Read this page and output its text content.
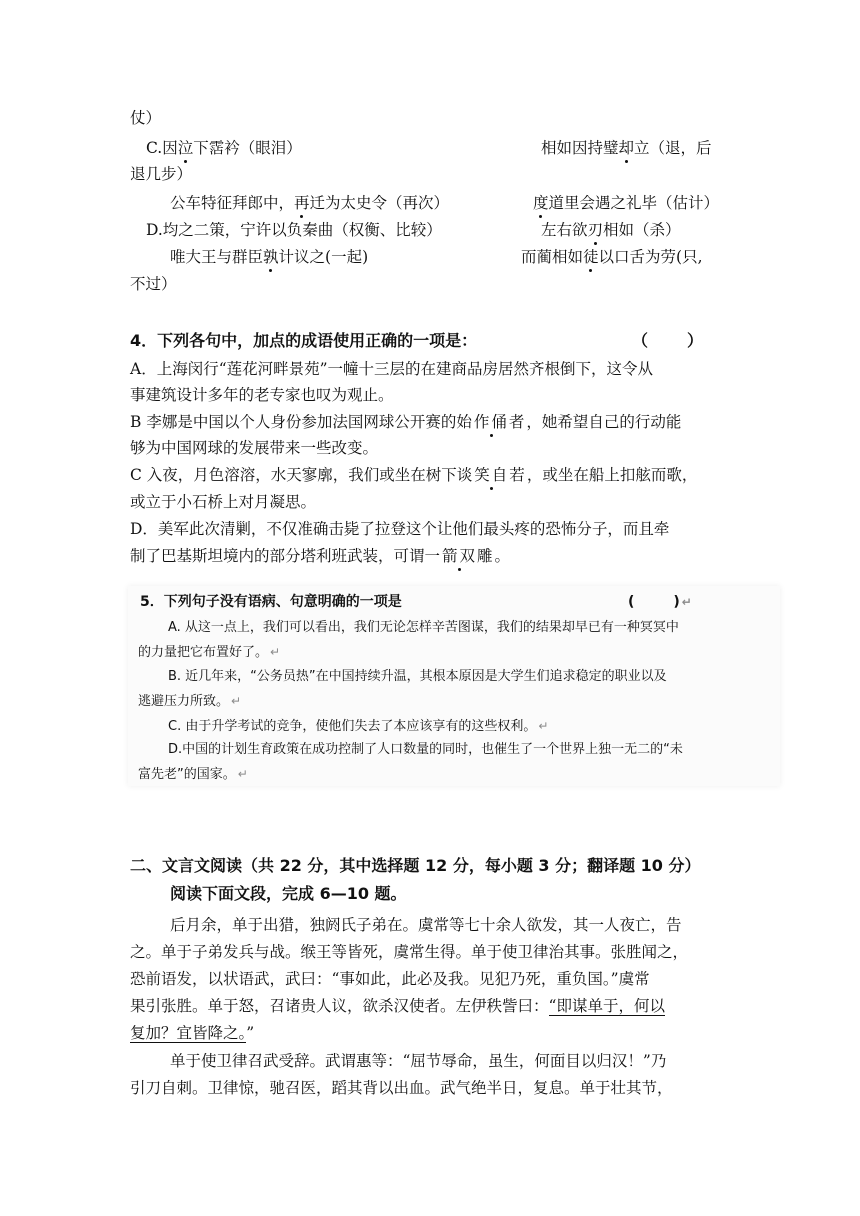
仗）
C.因泣下霑衿（眼泪）	相如因持璧却立（退，后
退几步）
公车特征拜郎中，再迁为太史令（再次）	度道里会遇之礼毕（估计）
D.均之二策，宁许以负秦曲（权衡、比较）	左右欲刃相如（杀）
唯大王与群臣孰计议之(一起)	而蔺相如徒以口舌为劳(只,
不过）
4．下列各句中，加点的成语使用正确的一项是：	（       ）
A．上海闵行“莲花河畔景苑”一幢十三层的在建商品房居然齐根倒下，这令从
事建筑设计多年的老专家也叹为观止。
B 李娜是中国以个人身份参加法国网球公开赛的始作俑者，她希望自己的行动能
够为中国网球的发展带来一些改变。
C 入夜，月色溶溶，水天寥廓，我们或坐在树下谈笑自若，或坐在船上扣舷而歌，
或立于小石桥上对月凝思。
D．美军此次清剿，不仅准确击毙了拉登这个让他们最头疼的恐怖分子，而且牵
制了巴基斯坦境内的部分塔利班武装，可谓一箭双雕。
5．下列句子没有语病、句意明确的一项是	(        ) ↵
A. 从这一点上，我们可以看出，我们无论怎样辛苦图谋，我们的结果却早已有一种冥冥中
的力量把它布置好了。 ↵
B. 近几年来，“公务员热”在中国持续升温，其根本原因是大学生们追求稳定的职业以及
逃避压力所致。 ↵
C. 由于升学考试的竞争，使他们失去了本应该享有的这些权利。 ↵
D.中国的计划生育政策在成功控制了人口数量的同时，也催生了一个世界上独一无二的“未
富先老”的国家。 ↵
二、文言文阅读（共 22 分，其中选择题 12 分，每小题 3 分；翻译题 10 分）
阅读下面文段，完成 6—10 题。
后月余，单于出猎，独阏氏子弟在。虞常等七十余人欲发，其一人夜亡，告
之。单于子弟发兵与战。缑王等皆死，虞常生得。单于使卫律治其事。张胜闻之，
恐前语发，以状语武，武曰：“事如此，此必及我。见犯乃死，重负国。”虞常
果引张胜。单于怒，召诸贵人议，欲杀汉使者。左伊秩訾曰：“即谋单于，何以
复加？宜皆降之。”
单于使卫律召武受辞。武谓惠等：“屈节辱命，虽生，何面目以归汉！”乃
引刀自刺。卫律惊，驰召医，蹈其背以出血。武气绝半日，复息。单于壮其节，
